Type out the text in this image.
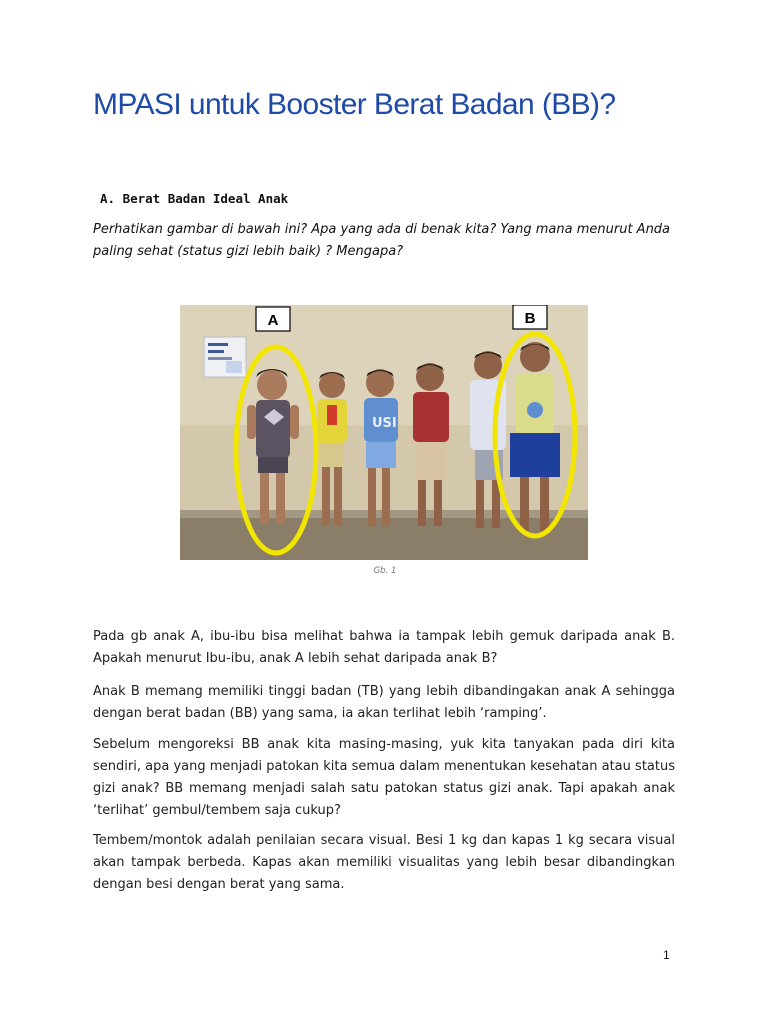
MPASI untuk Booster Berat Badan (BB)?
A. Berat Badan Ideal Anak

Perhatikan gambar di bawah ini? Apa yang ada di benak kita? Yang mana menurut Anda paling sehat (status gizi lebih baik) ? Mengapa?

USI
A	B

Gb. 1

Pada gb anak A, ibu-ibu bisa melihat bahwa ia tampak lebih gemuk daripada anak B. Apakah menurut Ibu-ibu, anak A lebih sehat daripada anak B?

Anak B memang memiliki tinggi badan (TB) yang lebih dibandingakan anak A sehingga dengan berat badan (BB) yang sama, ia akan terlihat lebih ‘ramping’.

Sebelum mengoreksi BB anak kita masing-masing, yuk kita tanyakan pada diri kita sendiri, apa yang menjadi patokan kita semua dalam menentukan kesehatan atau status gizi anak? BB memang menjadi salah satu patokan status gizi anak. Tapi apakah anak ‘terlihat’ gembul/tembem saja cukup?

Tembem/montok adalah penilaian secara visual. Besi 1 kg dan kapas 1 kg secara visual akan tampak berbeda. Kapas akan memiliki visualitas yang lebih besar dibandingkan dengan besi dengan berat yang sama.

1
